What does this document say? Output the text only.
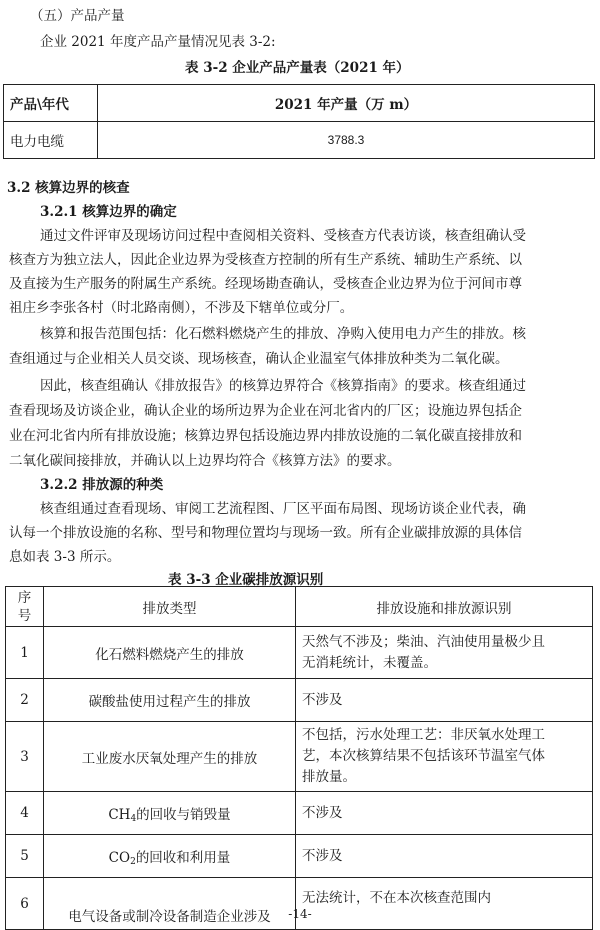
（五）产品产量
企业 2021 年度产品产量情况见表 3-2:
表 3-2 企业产品产量表（2021 年）
产品\年代	2021 年产量（万 m）
电力电缆	3788.3
3.2 核算边界的核查
3.2.1 核算边界的确定
通过文件评审及现场访问过程中查阅相关资料、受核查方代表访谈，核查组确认受
核查方为独立法人，因此企业边界为受核查方控制的所有生产系统、辅助生产系统、以
及直接为生产服务的附属生产系统。经现场勘查确认，受核查企业边界为位于河间市尊
祖庄乡李张各村（时北路南侧），不涉及下辖单位或分厂。
核算和报告范围包括：化石燃料燃烧产生的排放、净购入使用电力产生的排放。核
查组通过与企业相关人员交谈、现场核查，确认企业温室气体排放种类为二氧化碳。
因此，核查组确认《排放报告》的核算边界符合《核算指南》的要求。核查组通过
查看现场及访谈企业，确认企业的场所边界为企业在河北省内的厂区；设施边界包括企
业在河北省内所有排放设施；核算边界包括设施边界内排放设施的二氧化碳直接排放和
二氧化碳间接排放，并确认以上边界均符合《核算方法》的要求。
3.2.2 排放源的种类
核查组通过查看现场、审阅工艺流程图、厂区平面布局图、现场访谈企业代表，确
认每一个排放设施的名称、型号和物理位置均与现场一致。所有企业碳排放源的具体信
息如表 3-3 所示。
表 3-3 企业碳排放源识别
序
号	排放类型	排放设施和排放源识别
1	化石燃料燃烧产生的排放	天然气不涉及；柴油、汽油使用量极少且
无消耗统计，未覆盖。

2	碳酸盐使用过程产生的排放	不涉及
3	工业废水厌氧处理产生的排放	不包括，污水处理工艺：非厌氧水处理工
艺，本次核算结果不包括该环节温室气体
排放量。

4	$CH_4$的回收与销毁量	不涉及
5	$CO_2$的回收和利用量	不涉及
6	电气设备或制冷设备制造企业涉及	无法统计，不在本次核查范围内
-14-
